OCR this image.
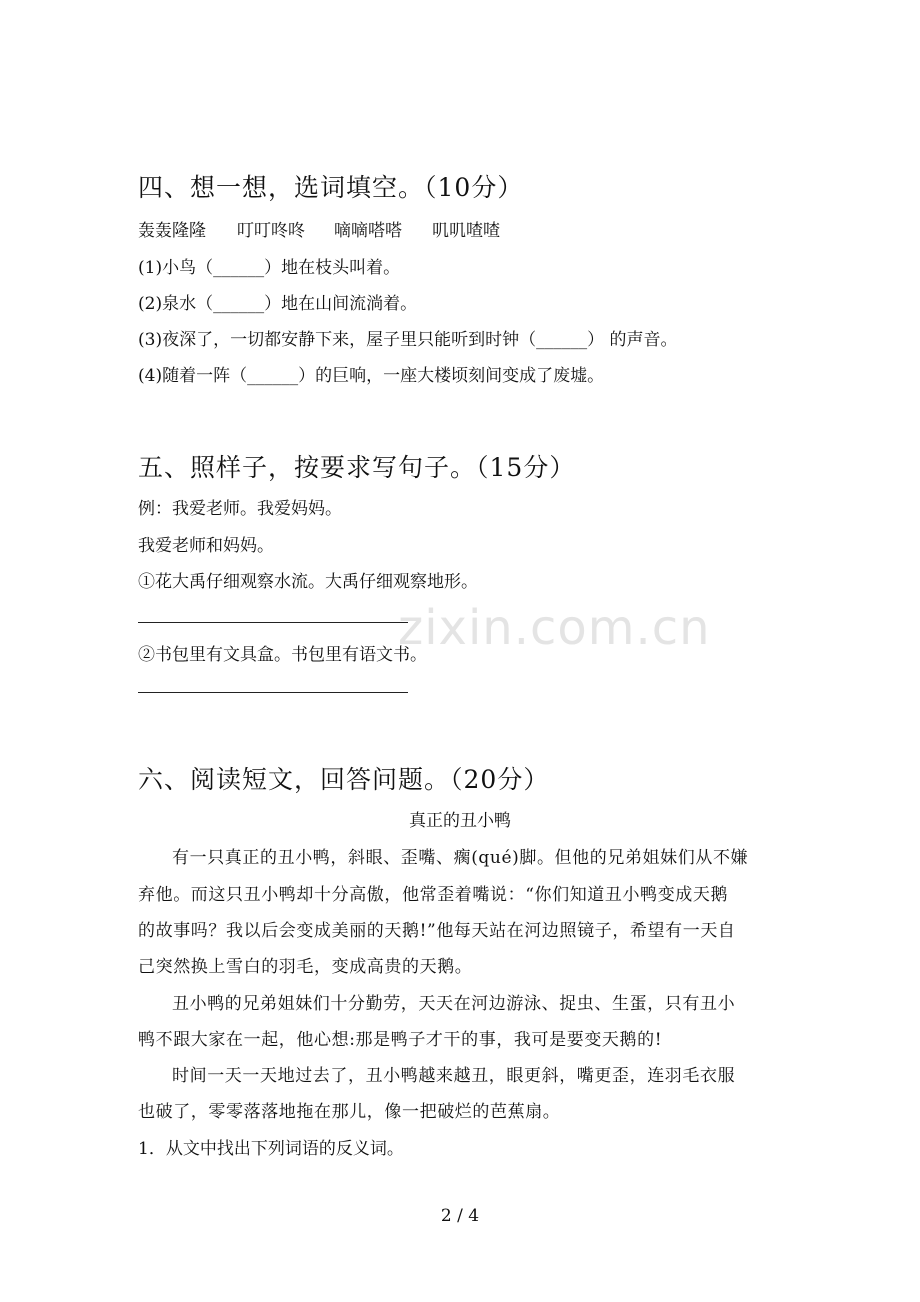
zixin.com.cn
四、想一想，选词填空。（10分）
轰轰隆隆 叮叮咚咚 嘀嘀嗒嗒 叽叽喳喳
(1)小鸟（______）地在枝头叫着。
(2)泉水（______）地在山间流淌着。
(3)夜深了，一切都安静下来，屋子里只能听到时钟（______） 的声音。
(4)随着一阵（______）的巨响，一座大楼顷刻间变成了废墟。
五、照样子，按要求写句子。（15分）
例：我爱老师。我爱妈妈。
我爱老师和妈妈。
①花大禹仔细观察水流。大禹仔细观察地形。
②书包里有文具盒。书包里有语文书。
六、阅读短文，回答问题。（20分）
真正的丑小鸭
有一只真正的丑小鸭，斜眼、歪嘴、瘸(qué)脚。但他的兄弟姐妹们从不嫌
弃他。而这只丑小鸭却十分高傲，他常歪着嘴说：“你们知道丑小鸭变成天鹅
的故事吗？我以后会变成美丽的天鹅!”他每天站在河边照镜子，希望有一天自
己突然换上雪白的羽毛，变成高贵的天鹅。
丑小鸭的兄弟姐妹们十分勤劳，天天在河边游泳、捉虫、生蛋，只有丑小
鸭不跟大家在一起，他心想:那是鸭子才干的事，我可是要变天鹅的!
时间一天一天地过去了，丑小鸭越来越丑，眼更斜，嘴更歪，连羽毛衣服
也破了，零零落落地拖在那儿，像一把破烂的芭蕉扇。
1．从文中找出下列词语的反义词。
2 / 4
